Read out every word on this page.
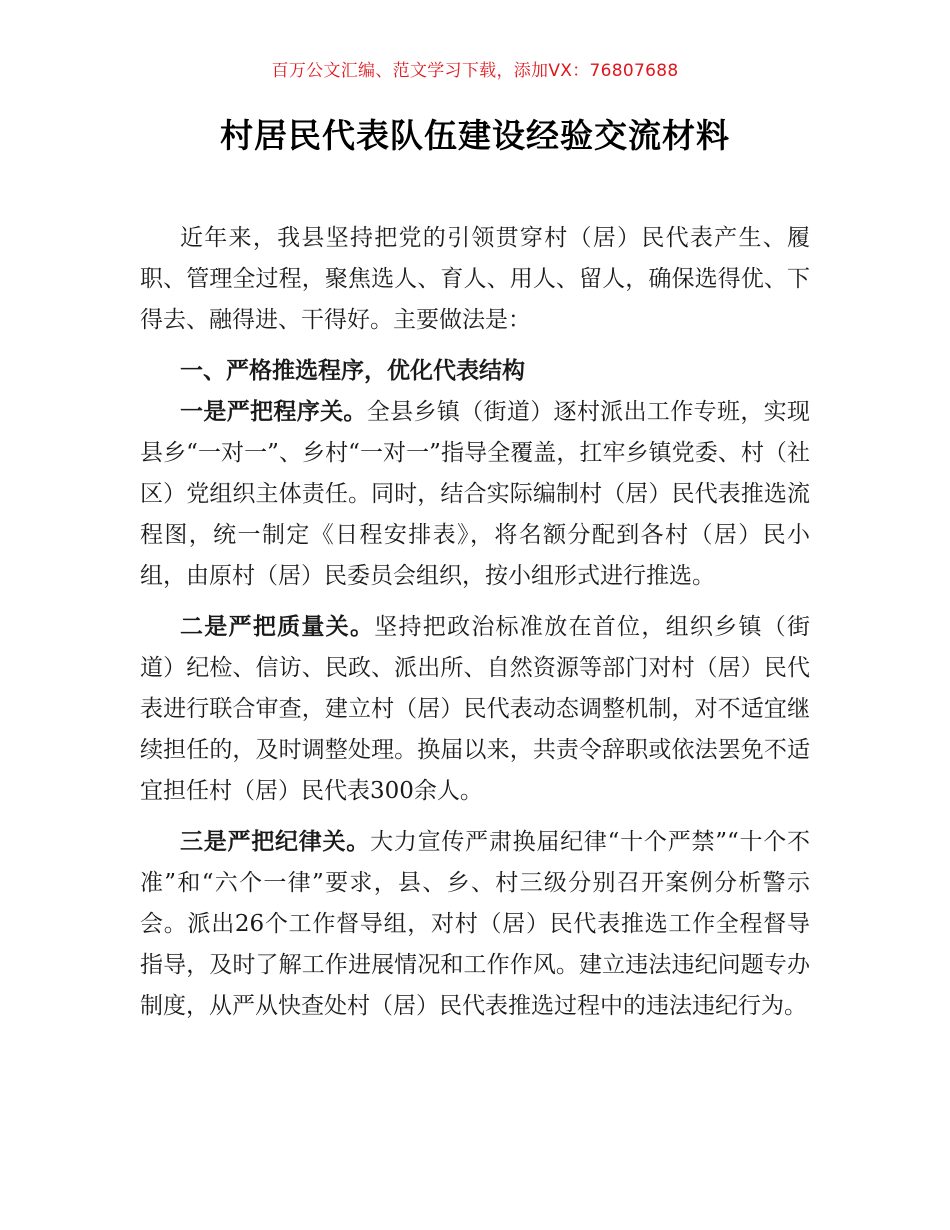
百万公文汇编、范文学习下载，添加VX：76807688

村居民代表队伍建设经验交流材料

近年来，我县坚持把党的引领贯穿村（居）民代表产生、履职、管理全过程，聚焦选人、育人、用人、留人，确保选得优、下得去、融得进、干得好。主要做法是：

一、严格推选程序，优化代表结构

一是严把程序关。全县乡镇（街道）逐村派出工作专班，实现县乡“一对一”、乡村“一对一”指导全覆盖，扛牢乡镇党委、村（社区）党组织主体责任。同时，结合实际编制村（居）民代表推选流程图，统一制定《日程安排表》，将名额分配到各村（居）民小组，由原村（居）民委员会组织，按小组形式进行推选。

二是严把质量关。坚持把政治标准放在首位，组织乡镇（街道）纪检、信访、民政、派出所、自然资源等部门对村（居）民代表进行联合审查，建立村（居）民代表动态调整机制，对不适宜继续担任的，及时调整处理。换届以来，共责令辞职或依法罢免不适宜担任村（居）民代表300余人。

三是严把纪律关。大力宣传严肃换届纪律“十个严禁”“十个不准”和“六个一律”要求，县、乡、村三级分别召开案例分析警示会。派出26个工作督导组，对村（居）民代表推选工作全程督导指导，及时了解工作进展情况和工作作风。建立违法违纪问题专办制度，从严从快查处村（居）民代表推选过程中的违法违纪行为。
